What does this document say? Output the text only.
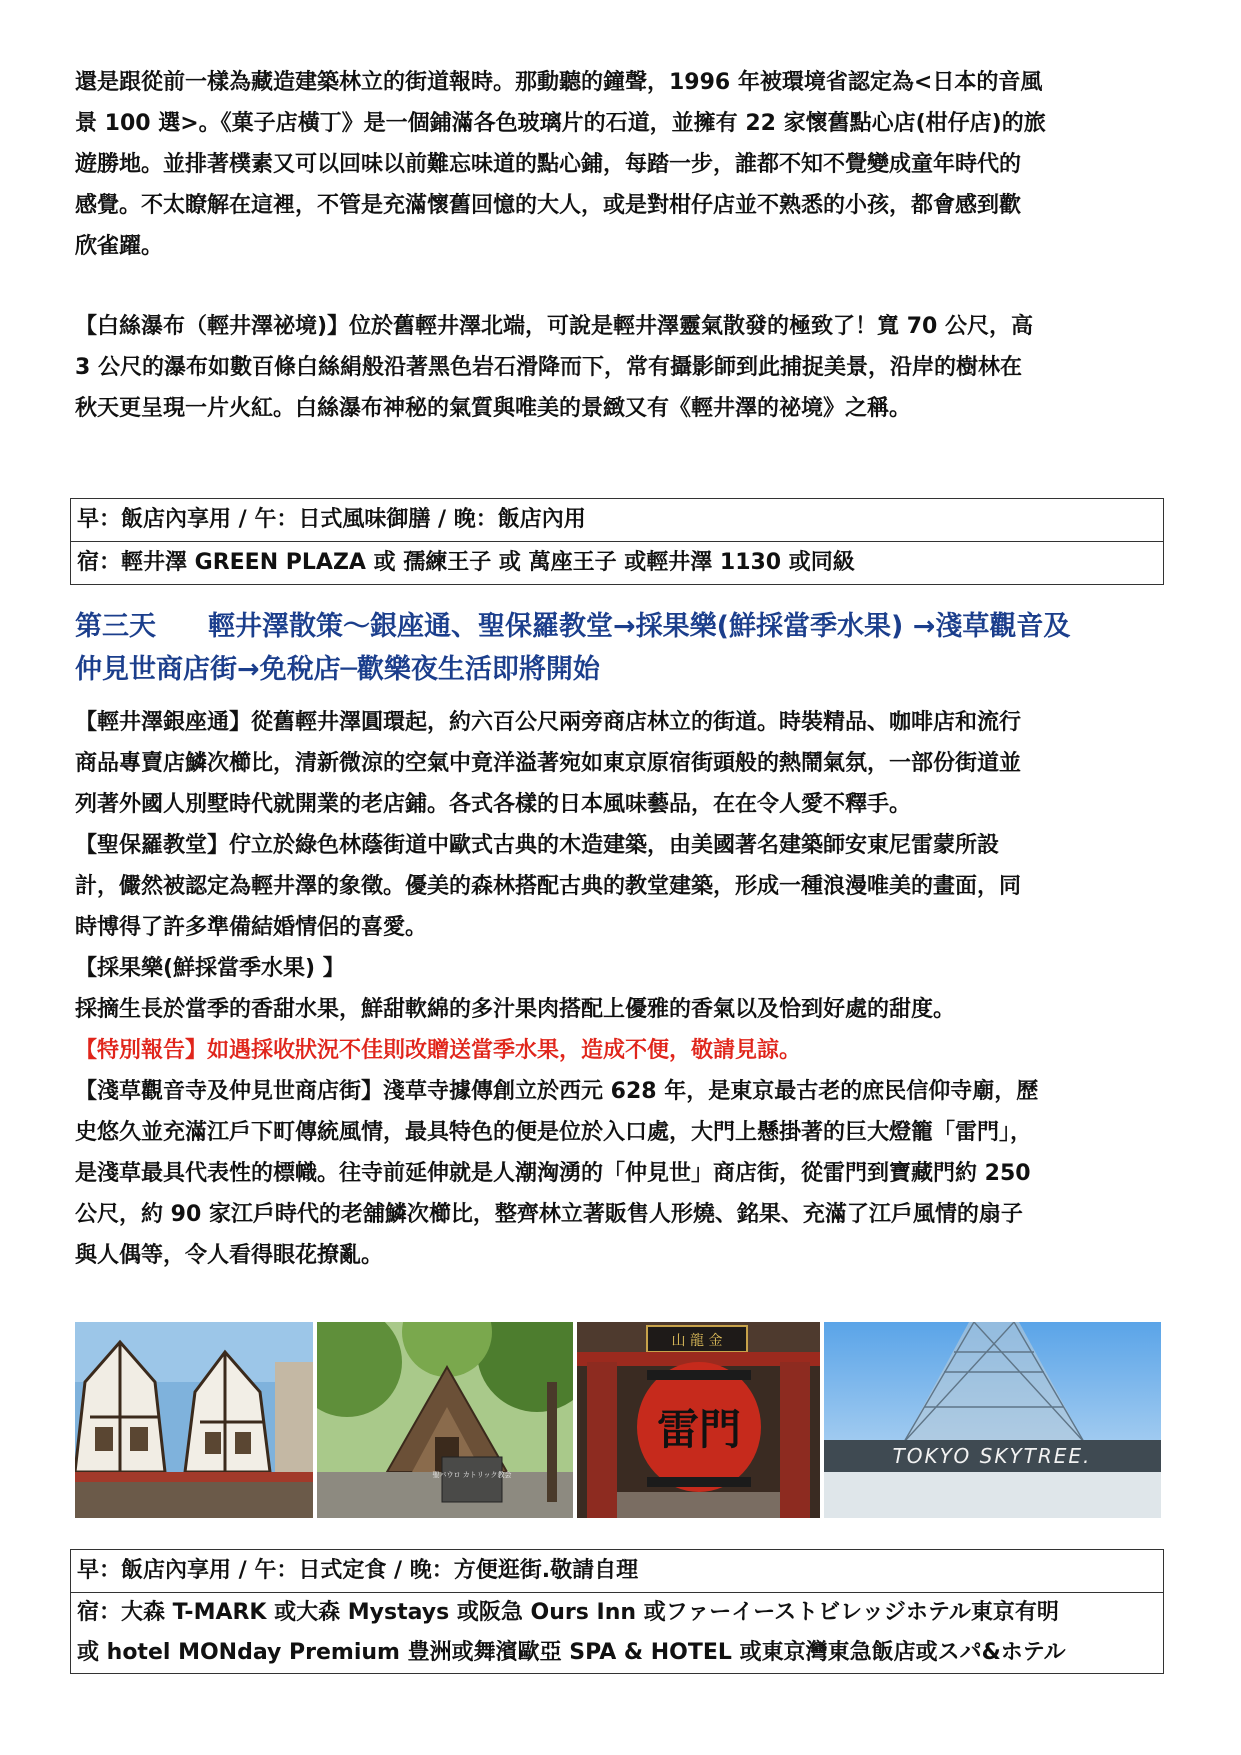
還是跟從前一樣為藏造建築林立的街道報時。那動聽的鐘聲，1996 年被環境省認定為<日本的音風
景 100 選>。《菓子店橫丁》是一個鋪滿各色玻璃片的石道，並擁有 22 家懷舊點心店(柑仔店)的旅
遊勝地。並排著樸素又可以回味以前難忘味道的點心鋪，每踏一步，誰都不知不覺變成童年時代的
感覺。不太瞭解在這裡，不管是充滿懷舊回憶的大人，或是對柑仔店並不熟悉的小孩，都會感到歡
欣雀躍。
【白絲瀑布（輕井澤祕境)】位於舊輕井澤北端，可說是輕井澤靈氣散發的極致了！寬 70 公尺，高
3 公尺的瀑布如數百條白絲絹般沿著黑色岩石滑降而下，常有攝影師到此捕捉美景，沿岸的樹林在
秋天更呈現一片火紅。白絲瀑布神秘的氣質與唯美的景緻又有《輕井澤的祕境》之稱。
早：飯店內享用 / 午：日式風味御膳 / 晚：飯店內用
宿：輕井澤 GREEN PLAZA 或 孺練王子 或 萬座王子 或輕井澤 1130 或同級
第三天 輕井澤散策～銀座通、聖保羅教堂→採果樂(鮮採當季水果) →淺草觀音及
仲見世商店街→免稅店─歡樂夜生活即將開始
【輕井澤銀座通】從舊輕井澤圓環起，約六百公尺兩旁商店林立的街道。時裝精品、咖啡店和流行
商品專賣店鱗次櫛比，清新微涼的空氣中竟洋溢著宛如東京原宿街頭般的熱鬧氣氛，一部份街道並
列著外國人別墅時代就開業的老店鋪。各式各樣的日本風味藝品，在在令人愛不釋手。
【聖保羅教堂】佇立於綠色林蔭街道中歐式古典的木造建築，由美國著名建築師安東尼雷蒙所設
計，儼然被認定為輕井澤的象徵。優美的森林搭配古典的教堂建築，形成一種浪漫唯美的畫面，同
時博得了許多準備結婚情侶的喜愛。
【採果樂(鮮採當季水果) 】
採摘生長於當季的香甜水果，鮮甜軟綿的多汁果肉搭配上優雅的香氣以及恰到好處的甜度。
【特別報告】如遇採收狀況不佳則改贈送當季水果，造成不便，敬請見諒。
【淺草觀音寺及仲見世商店街】淺草寺據傳創立於西元 628 年，是東京最古老的庶民信仰寺廟，歷
史悠久並充滿江戶下町傳統風情，最具特色的便是位於入口處，大門上懸掛著的巨大燈籠「雷門」，
是淺草最具代表性的標幟。往寺前延伸就是人潮洶湧的「仲見世」商店街，從雷門到寶藏門約 250
公尺，約 90 家江戶時代的老舖鱗次櫛比，整齊林立著販售人形燒、銘果、充滿了江戶風情的扇子
與人偶等，令人看得眼花撩亂。
聖パウロ カトリック教会
山 龍 金
雷門
TOKYO SKYTREE.
早：飯店內享用 / 午：日式定食 / 晚：方便逛街.敬請自理
宿：大森 T-MARK 或大森 Mystays 或阪急 Ours Inn 或ファーイーストビレッジホテル東京有明
或 hotel MONday Premium 豊洲或舞濱歐亞 SPA & HOTEL 或東京灣東急飯店或スパ&ホテル
